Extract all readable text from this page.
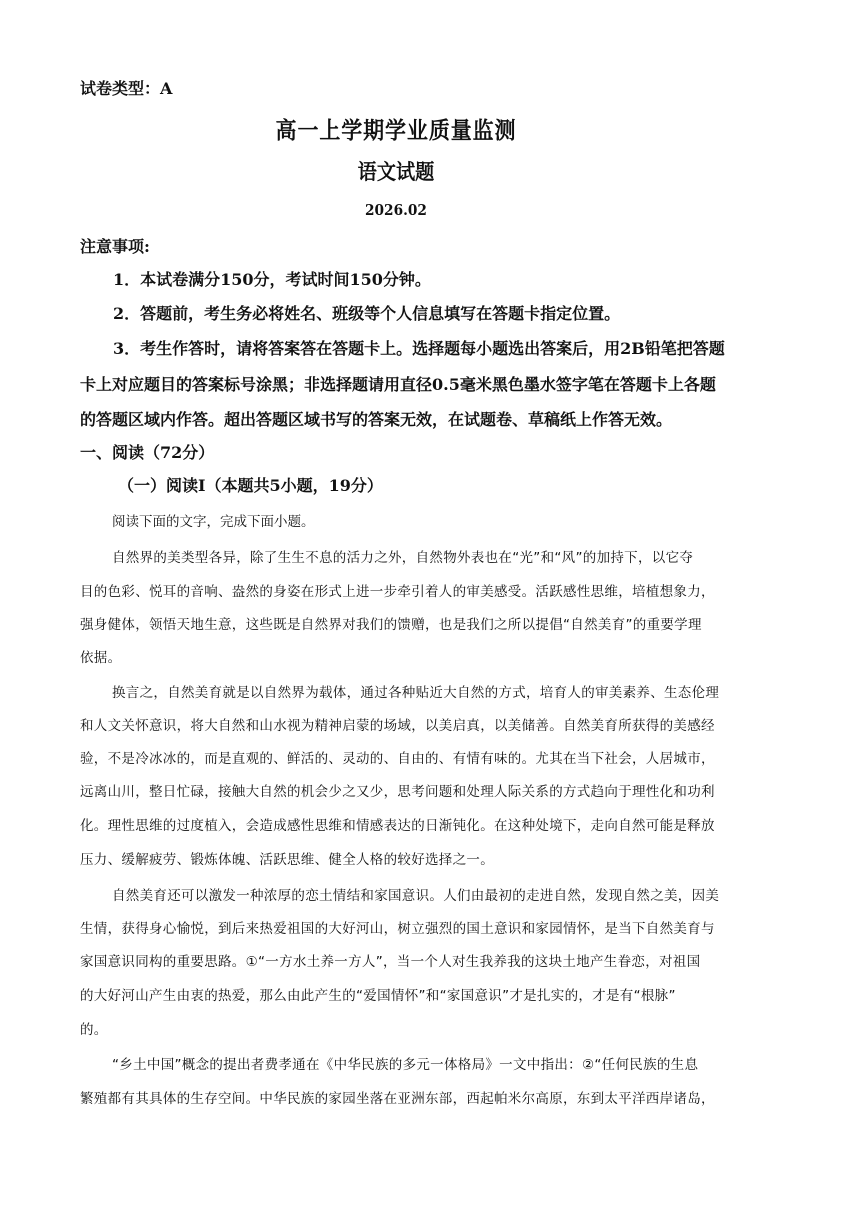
试卷类型：A
高一上学期学业质量监测
语文试题
2026.02
注意事项:
1．本试卷满分150分，考试时间150分钟。
2．答题前，考生务必将姓名、班级等个人信息填写在答题卡指定位置。
3．考生作答时，请将答案答在答题卡上。选择题每小题选出答案后，用2B铅笔把答题
卡上对应题目的答案标号涂黑；非选择题请用直径0.5毫米黑色墨水签字笔在答题卡上各题
的答题区域内作答。超出答题区域书写的答案无效，在试题卷、草稿纸上作答无效。
一、阅读（72分）
（一）阅读Ⅰ（本题共5小题，19分）
阅读下面的文字，完成下面小题。
自然界的美类型各异，除了生生不息的活力之外，自然物外表也在“光”和“风”的加持下，以它夺
目的色彩、悦耳的音响、盎然的身姿在形式上进一步牵引着人的审美感受。活跃感性思维，培植想象力，
强身健体，领悟天地生意，这些既是自然界对我们的馈赠，也是我们之所以提倡“自然美育”的重要学理
依据。
换言之，自然美育就是以自然界为载体，通过各种贴近大自然的方式，培育人的审美素养、生态伦理
和人文关怀意识，将大自然和山水视为精神启蒙的场域，以美启真，以美储善。自然美育所获得的美感经
验，不是冷冰冰的，而是直观的、鲜活的、灵动的、自由的、有情有味的。尤其在当下社会，人居城市，
远离山川，整日忙碌，接触大自然的机会少之又少，思考问题和处理人际关系的方式趋向于理性化和功利
化。理性思维的过度植入，会造成感性思维和情感表达的日渐钝化。在这种处境下，走向自然可能是释放
压力、缓解疲劳、锻炼体魄、活跃思维、健全人格的较好选择之一。
自然美育还可以激发一种浓厚的恋土情结和家国意识。人们由最初的走进自然，发现自然之美，因美
生情，获得身心愉悦，到后来热爱祖国的大好河山，树立强烈的国土意识和家园情怀，是当下自然美育与
家国意识同构的重要思路。①“一方水土养一方人”，当一个人对生我养我的这块土地产生眷恋，对祖国
的大好河山产生由衷的热爱，那么由此产生的“爱国情怀”和“家国意识”才是扎实的，才是有“根脉”
的。
“乡土中国”概念的提出者费孝通在《中华民族的多元一体格局》一文中指出：②“任何民族的生息
繁殖都有其具体的生存空间。中华民族的家园坐落在亚洲东部，西起帕米尔高原，东到太平洋西岸诸岛，
